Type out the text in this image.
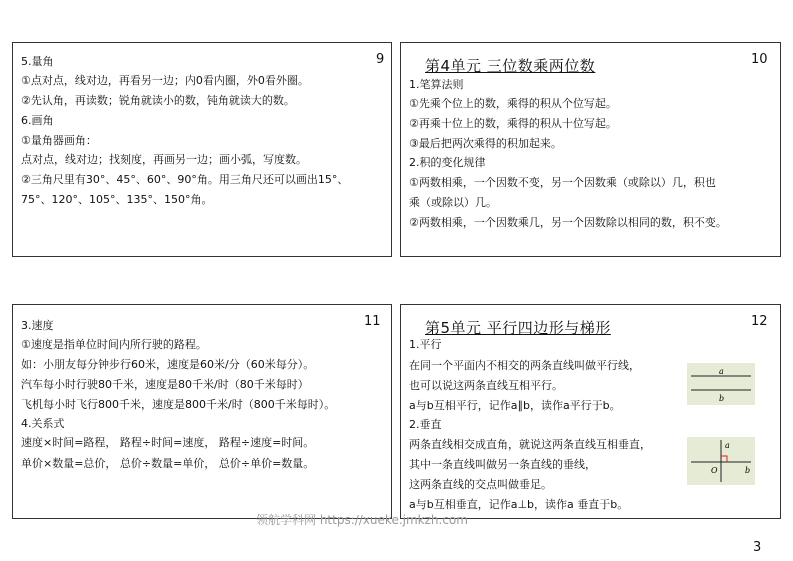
9
5.量角
①点对点，线对边，再看另一边；内0看内圈，外0看外圈。
②先认角，再读数；锐角就读小的数，钝角就读大的数。
6.画角
①量角器画角：
点对点，线对边；找刻度，再画另一边；画小弧，写度数。
②三角尺里有30°、45°、60°、90°角。用三角尺还可以画出15°、
75°、120°、105°、135°、150°角。
10
第4单元 三位数乘两位数
1.笔算法则
①先乘个位上的数，乘得的积从个位写起。
②再乘十位上的数，乘得的积从十位写起。
③最后把两次乘得的积加起来。
2.积的变化规律
①两数相乘，一个因数不变，另一个因数乘（或除以）几，积也
乘（或除以）几。
②两数相乘，一个因数乘几，另一个因数除以相同的数，积不变。
11
3.速度
①速度是指单位时间内所行驶的路程。
如：小朋友每分钟步行60米，速度是60米/分（60米每分）。
汽车每小时行驶80千米，速度是80千米/时（80千米每时）
飞机每小时飞行800千米，速度是800千米/时（800千米每时）。
4.关系式
速度×时间=路程， 路程÷时间=速度， 路程÷速度=时间。
单价×数量=总价， 总价÷数量=单价， 总价÷单价=数量。
12
第5单元 平行四边形与梯形
1.平行
在同一个平面内不相交的两条直线叫做平行线，
也可以说这两条直线互相平行。
a与b互相平行，记作a∥b，读作a平行于b。
2.垂直
两条直线相交成直角，就说这两条直线互相垂直，
其中一条直线叫做另一条直线的垂线，
这两条直线的交点叫做垂足。
a与b互相垂直，记作a⊥b，读作a 垂直于b。
a
b
a
b
O
领航学科网 https://xueke.jmkzh.com
3
